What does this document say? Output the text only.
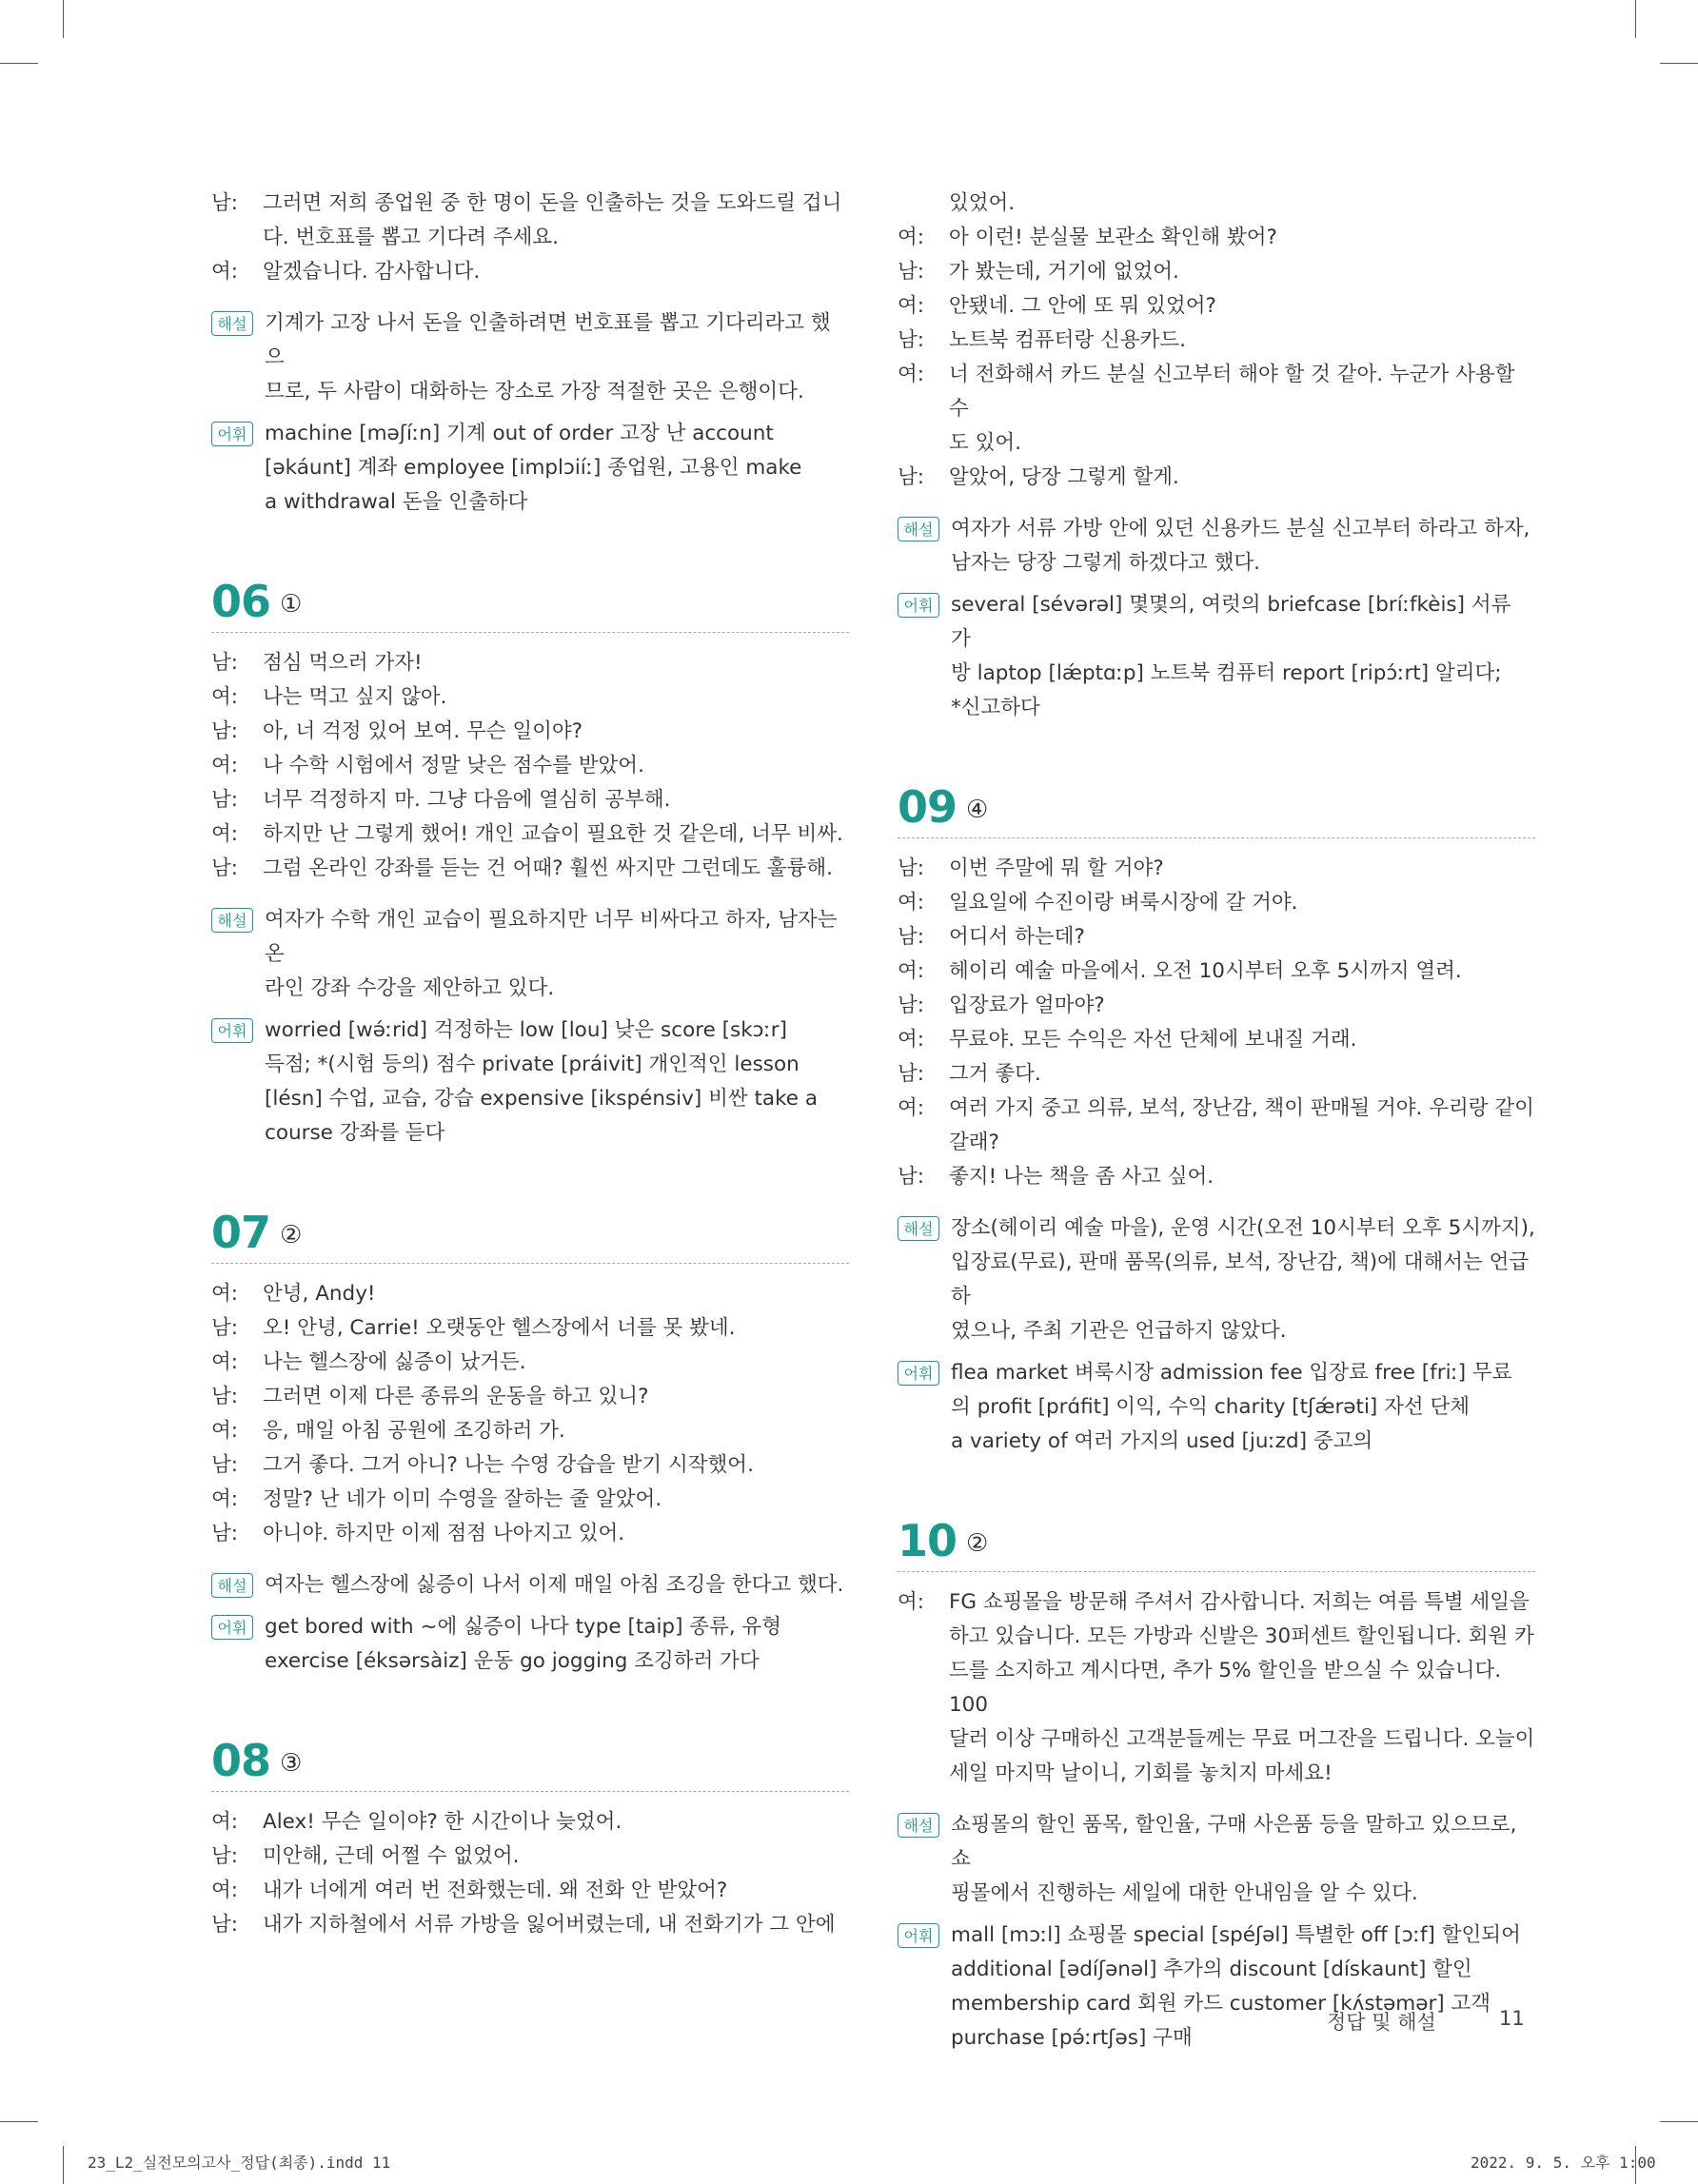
남:	그러면 저희 종업원 중 한 명이 돈을 인출하는 것을 도와드릴 겁니
다. 번호표를 뽑고 기다려 주세요.
여:	알겠습니다. 감사합니다.
해설 기계가 고장 나서 돈을 인출하려면 번호표를 뽑고 기다리라고 했으
므로, 두 사람이 대화하는 장소로 가장 적절한 곳은 은행이다.
어휘 machine [məʃíːn] 기계 out of order 고장 난 account
[əkáunt] 계좌 employee [implɔiíː] 종업원, 고용인 make
a withdrawal 돈을 인출하다
06 ①
남:	점심 먹으러 가자!
여:	나는 먹고 싶지 않아.
남:	아, 너 걱정 있어 보여. 무슨 일이야?
여:	나 수학 시험에서 정말 낮은 점수를 받았어.
남:	너무 걱정하지 마. 그냥 다음에 열심히 공부해.
여:	하지만 난 그렇게 했어! 개인 교습이 필요한 것 같은데, 너무 비싸.
남:	그럼 온라인 강좌를 듣는 건 어때? 훨씬 싸지만 그런데도 훌륭해.
해설 여자가 수학 개인 교습이 필요하지만 너무 비싸다고 하자, 남자는 온
라인 강좌 수강을 제안하고 있다.
어휘 worried [wə́ːrid] 걱정하는 low [lou] 낮은 score [skɔːr]
득점; *(시험 등의) 점수 private [práivit] 개인적인 lesson
[lésn] 수업, 교습, 강습 expensive [ikspénsiv] 비싼 take a
course 강좌를 듣다
07 ②
여:	안녕, Andy!
남:	오! 안녕, Carrie! 오랫동안 헬스장에서 너를 못 봤네.
여:	나는 헬스장에 싫증이 났거든.
남:	그러면 이제 다른 종류의 운동을 하고 있니?
여:	응, 매일 아침 공원에 조깅하러 가.
남:	그거 좋다. 그거 아니? 나는 수영 강습을 받기 시작했어.
여:	정말? 난 네가 이미 수영을 잘하는 줄 알았어.
남:	아니야. 하지만 이제 점점 나아지고 있어.
해설 여자는 헬스장에 싫증이 나서 이제 매일 아침 조깅을 한다고 했다.
어휘 get bored with ~에 싫증이 나다 type [taip] 종류, 유형
exercise [éksərsàiz] 운동 go jogging 조깅하러 가다
08 ③
여:	Alex! 무슨 일이야? 한 시간이나 늦었어.
남:	미안해, 근데 어쩔 수 없었어.
여:	내가 너에게 여러 번 전화했는데. 왜 전화 안 받았어?
남:	내가 지하철에서 서류 가방을 잃어버렸는데, 내 전화기가 그 안에
있었어.
여:	아 이런! 분실물 보관소 확인해 봤어?
남:	가 봤는데, 거기에 없었어.
여:	안됐네. 그 안에 또 뭐 있었어?
남:	노트북 컴퓨터랑 신용카드.
여:	너 전화해서 카드 분실 신고부터 해야 할 것 같아. 누군가 사용할 수
도 있어.
남:	알았어, 당장 그렇게 할게.
해설 여자가 서류 가방 안에 있던 신용카드 분실 신고부터 하라고 하자,
남자는 당장 그렇게 하겠다고 했다.
어휘 several [sévərəl] 몇몇의, 여럿의 briefcase [bríːfkèis] 서류 가
방 laptop [lǽptɑːp] 노트북 컴퓨터 report [ripɔ́ːrt] 알리다;
*신고하다
09 ④
남:	이번 주말에 뭐 할 거야?
여:	일요일에 수진이랑 벼룩시장에 갈 거야.
남:	어디서 하는데?
여:	헤이리 예술 마을에서. 오전 10시부터 오후 5시까지 열려.
남:	입장료가 얼마야?
여:	무료야. 모든 수익은 자선 단체에 보내질 거래.
남:	그거 좋다.
여:	여러 가지 중고 의류, 보석, 장난감, 책이 판매될 거야. 우리랑 같이
갈래?
남:	좋지! 나는 책을 좀 사고 싶어.
해설 장소(헤이리 예술 마을), 운영 시간(오전 10시부터 오후 5시까지),
입장료(무료), 판매 품목(의류, 보석, 장난감, 책)에 대해서는 언급하
였으나, 주최 기관은 언급하지 않았다.
어휘 flea market 벼룩시장 admission fee 입장료 free [friː] 무료
의 profit [prɑ́fit] 이익, 수익 charity [tʃǽrəti] 자선 단체
a variety of 여러 가지의 used [juːzd] 중고의
10 ②
여:	FG 쇼핑몰을 방문해 주셔서 감사합니다. 저희는 여름 특별 세일을
하고 있습니다. 모든 가방과 신발은 30퍼센트 할인됩니다. 회원 카
드를 소지하고 계시다면, 추가 5% 할인을 받으실 수 있습니다. 100
달러 이상 구매하신 고객분들께는 무료 머그잔을 드립니다. 오늘이
세일 마지막 날이니, 기회를 놓치지 마세요!
해설 쇼핑몰의 할인 품목, 할인율, 구매 사은품 등을 말하고 있으므로, 쇼
핑몰에서 진행하는 세일에 대한 안내임을 알 수 있다.
어휘 mall [mɔːl] 쇼핑몰 special [spéʃəl] 특별한 off [ɔːf] 할인되어
additional [ədíʃənəl] 추가의 discount [dískaunt] 할인
membership card 회원 카드 customer [kʌ́stəmər] 고객
purchase [pə́ːrtʃəs] 구매
정답 및 해설	11
23_L2_실전모의고사_정답(최종).indd 11	2022. 9. 5. 오후 1:00
